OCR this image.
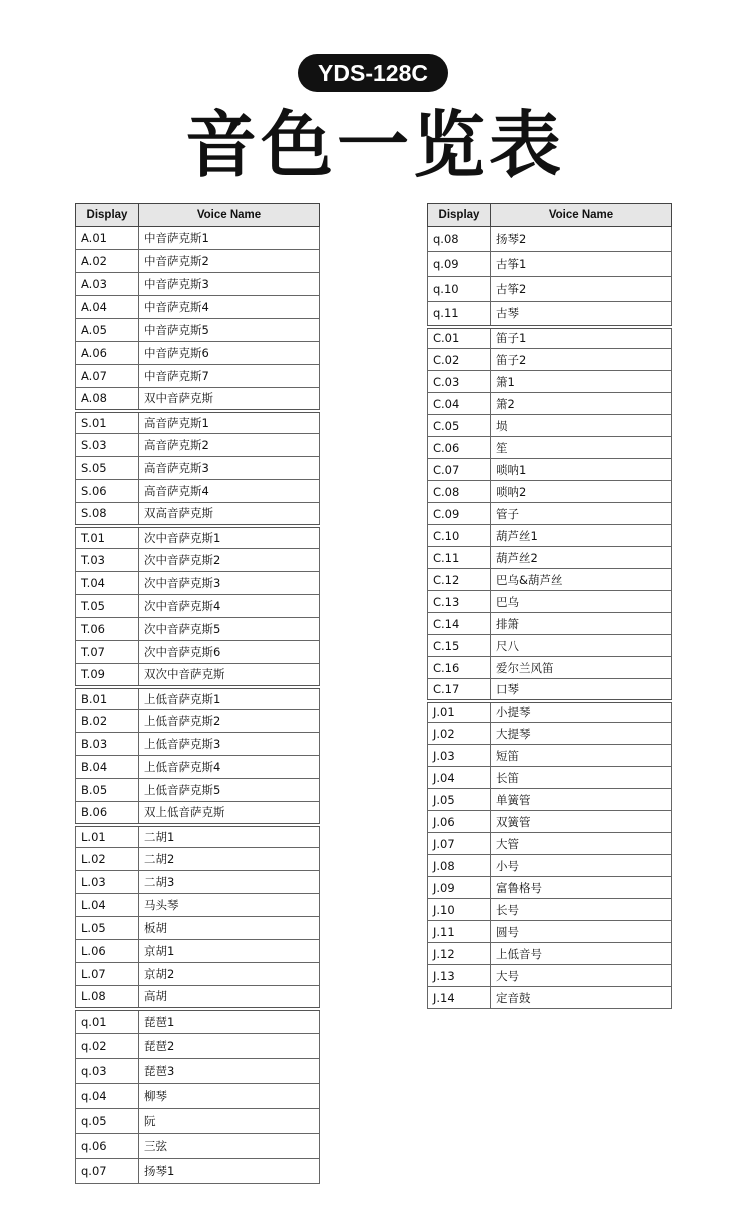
YDS-128C
音色一览表
Display	Voice Name
A.01	中音萨克斯1
A.02	中音萨克斯2
A.03	中音萨克斯3
A.04	中音萨克斯4
A.05	中音萨克斯5
A.06	中音萨克斯6
A.07	中音萨克斯7
A.08	双中音萨克斯
S.01	高音萨克斯1
S.03	高音萨克斯2
S.05	高音萨克斯3
S.06	高音萨克斯4
S.08	双高音萨克斯
T.01	次中音萨克斯1
T.03	次中音萨克斯2
T.04	次中音萨克斯3
T.05	次中音萨克斯4
T.06	次中音萨克斯5
T.07	次中音萨克斯6
T.09	双次中音萨克斯
B.01	上低音萨克斯1
B.02	上低音萨克斯2
B.03	上低音萨克斯3
B.04	上低音萨克斯4
B.05	上低音萨克斯5
B.06	双上低音萨克斯
L.01	二胡1
L.02	二胡2
L.03	二胡3
L.04	马头琴
L.05	板胡
L.06	京胡1
L.07	京胡2
L.08	高胡
q.01	琵琶1
q.02	琵琶2
q.03	琵琶3
q.04	柳琴
q.05	阮
q.06	三弦
q.07	扬琴1
Display	Voice Name
q.08	扬琴2
q.09	古筝1
q.10	古筝2
q.11	古琴
C.01	笛子1
C.02	笛子2
C.03	箫1
C.04	箫2
C.05	埙
C.06	笙
C.07	唢呐1
C.08	唢呐2
C.09	管子
C.10	葫芦丝1
C.11	葫芦丝2
C.12	巴乌&葫芦丝
C.13	巴乌
C.14	排箫
C.15	尺八
C.16	爱尔兰风笛
C.17	口琴
J.01	小提琴
J.02	大提琴
J.03	短笛
J.04	长笛
J.05	单簧管
J.06	双簧管
J.07	大管
J.08	小号
J.09	富鲁格号
J.10	长号
J.11	圆号
J.12	上低音号
J.13	大号
J.14	定音鼓
